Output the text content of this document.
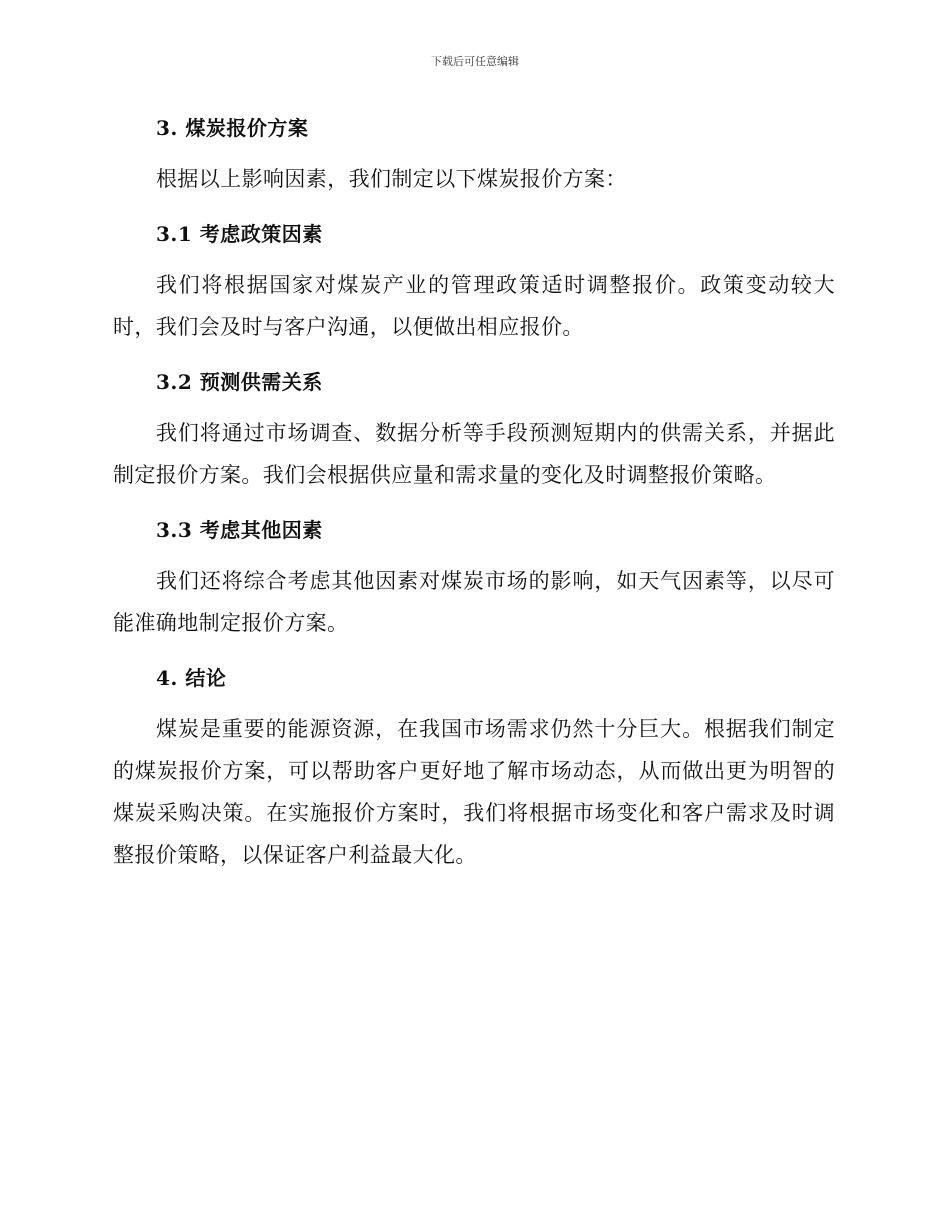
下载后可任意编辑
3. 煤炭报价方案

根据以上影响因素，我们制定以下煤炭报价方案：

3.1 考虑政策因素

我们将根据国家对煤炭产业的管理政策适时调整报价。政策变动较大时，我们会及时与客户沟通，以便做出相应报价。

3.2 预测供需关系

我们将通过市场调查、数据分析等手段预测短期内的供需关系，并据此制定报价方案。我们会根据供应量和需求量的变化及时调整报价策略。

3.3 考虑其他因素

我们还将综合考虑其他因素对煤炭市场的影响，如天气因素等，以尽可能准确地制定报价方案。

4. 结论

煤炭是重要的能源资源，在我国市场需求仍然十分巨大。根据我们制定的煤炭报价方案，可以帮助客户更好地了解市场动态，从而做出更为明智的煤炭采购决策。在实施报价方案时，我们将根据市场变化和客户需求及时调整报价策略，以保证客户利益最大化。
